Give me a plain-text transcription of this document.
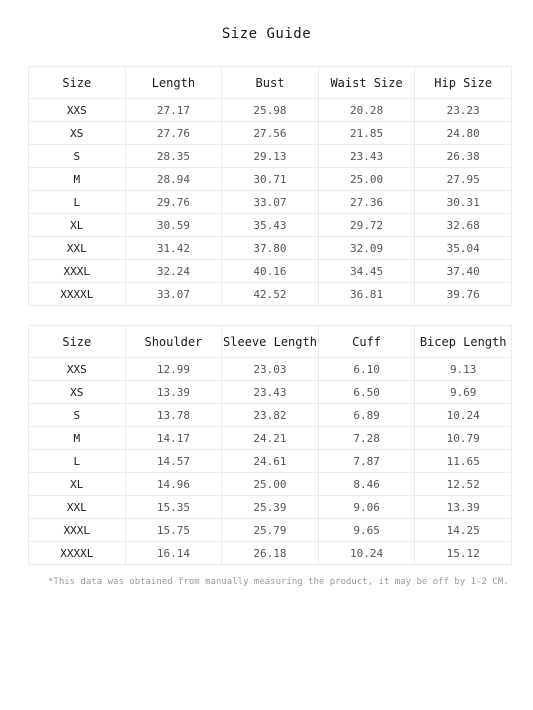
Size Guide
Size	Length	Bust	Waist Size	Hip Size
XXS	27.17	25.98	20.28	23.23
XS	27.76	27.56	21.85	24.80
S	28.35	29.13	23.43	26.38
M	28.94	30.71	25.00	27.95
L	29.76	33.07	27.36	30.31
XL	30.59	35.43	29.72	32.68
XXL	31.42	37.80	32.09	35.04
XXXL	32.24	40.16	34.45	37.40
XXXXL	33.07	42.52	36.81	39.76
Size	Shoulder	Sleeve Length	Cuff	Bicep Length
XXS	12.99	23.03	6.10	9.13
XS	13.39	23.43	6.50	9.69
S	13.78	23.82	6.89	10.24
M	14.17	24.21	7.28	10.79
L	14.57	24.61	7.87	11.65
XL	14.96	25.00	8.46	12.52
XXL	15.35	25.39	9.06	13.39
XXXL	15.75	25.79	9.65	14.25
XXXXL	16.14	26.18	10.24	15.12
*This data was obtained from manually measuring the product, it may be off by 1-2 CM.
